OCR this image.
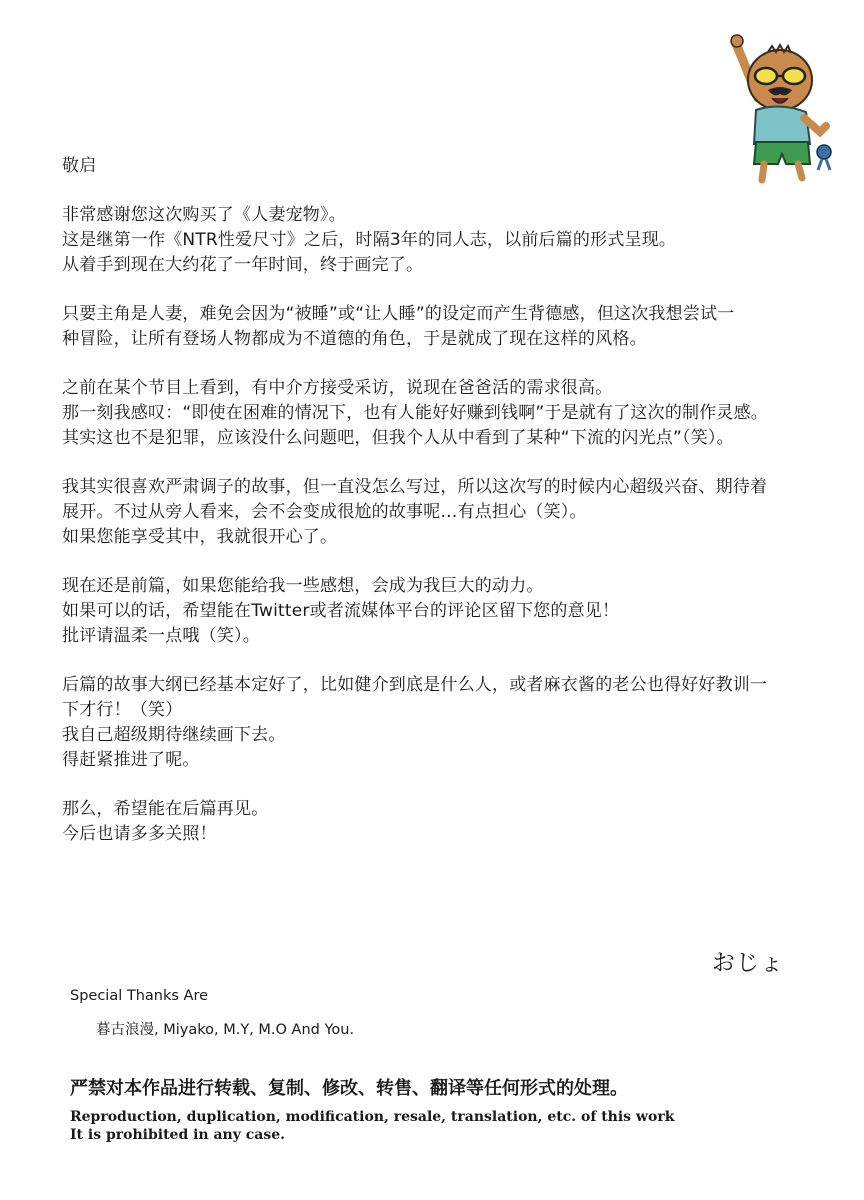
敬启
非常感谢您这次购买了《人妻宠物》。
这是继第一作《NTR性爱尺寸》之后，时隔3年的同人志，以前后篇的形式呈现。
从着手到现在大约花了一年时间，终于画完了。
只要主角是人妻，难免会因为“被睡”或“让人睡”的设定而产生背德感，但这次我想尝试一
种冒险，让所有登场人物都成为不道德的角色，于是就成了现在这样的风格。
之前在某个节目上看到，有中介方接受采访，说现在爸爸活的需求很高。
那一刻我感叹：“即使在困难的情况下，也有人能好好赚到钱啊”于是就有了这次的制作灵感。
其实这也不是犯罪，应该没什么问题吧，但我个人从中看到了某种“下流的闪光点”（笑）。
我其实很喜欢严肃调子的故事，但一直没怎么写过，所以这次写的时候内心超级兴奋、期待着
展开。不过从旁人看来，会不会变成很尬的故事呢…有点担心（笑）。
如果您能享受其中，我就很开心了。
现在还是前篇，如果您能给我一些感想，会成为我巨大的动力。
如果可以的话，希望能在Twitter或者流媒体平台的评论区留下您的意见！
批评请温柔一点哦（笑）。
后篇的故事大纲已经基本定好了，比如健介到底是什么人，或者麻衣酱的老公也得好好教训一
下才行！（笑）
我自己超级期待继续画下去。
得赶紧推进了呢。
那么，希望能在后篇再见。
今后也请多多关照！
おじょ
Special Thanks Are
暮古浪漫, Miyako, M.Y, M.O And You.
严禁对本作品进行转载、复制、修改、转售、翻译等任何形式的处理。
Reproduction, duplication, modification, resale, translation, etc. of this work
It is prohibited in any case.
